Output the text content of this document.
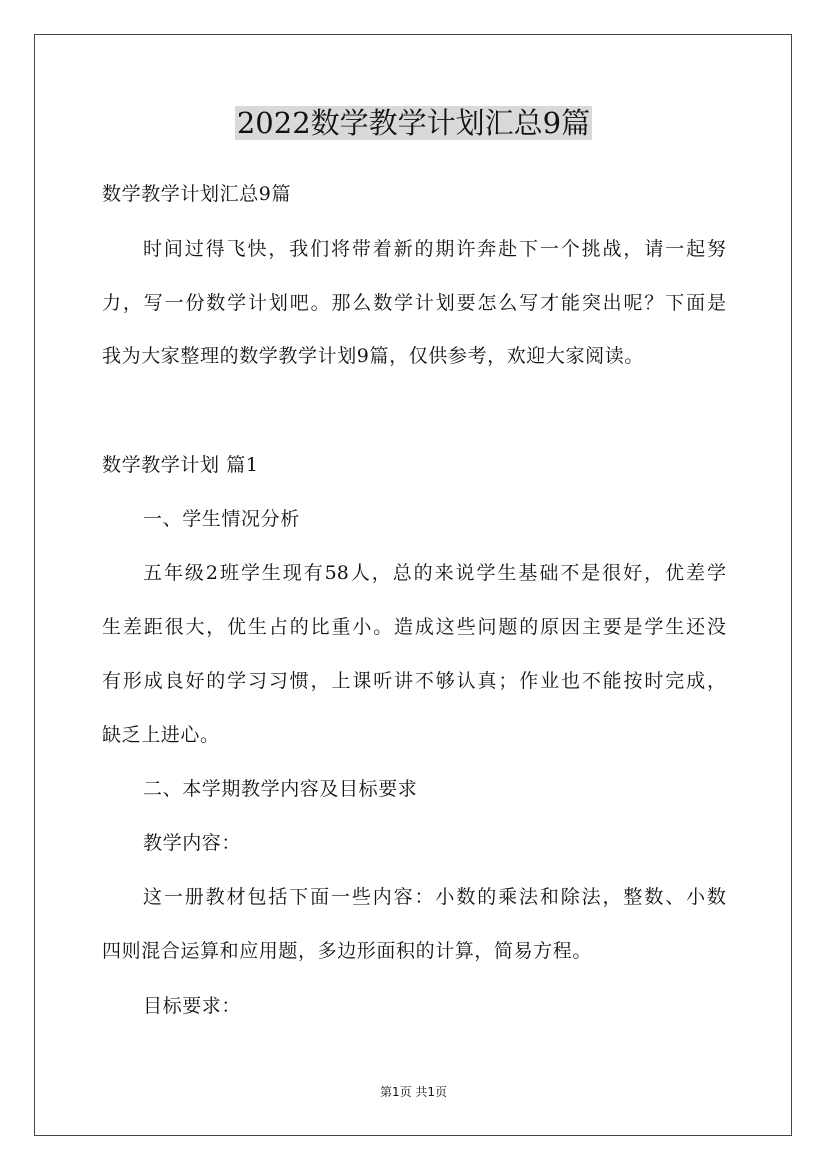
2022数学教学计划汇总9篇
数学教学计划汇总9篇
时间过得飞快，我们将带着新的期许奔赴下一个挑战，请一起努
力，写一份数学计划吧。那么数学计划要怎么写才能突出呢？下面是
我为大家整理的数学教学计划9篇，仅供参考，欢迎大家阅读。
数学教学计划 篇1
一、学生情况分析
五年级2班学生现有58人，总的来说学生基础不是很好，优差学
生差距很大，优生占的比重小。造成这些问题的原因主要是学生还没
有形成良好的学习习惯，上课听讲不够认真；作业也不能按时完成，
缺乏上进心。
二、本学期教学内容及目标要求
教学内容：
这一册教材包括下面一些内容：小数的乘法和除法，整数、小数
四则混合运算和应用题，多边形面积的计算，简易方程。
目标要求：
第1页 共1页
